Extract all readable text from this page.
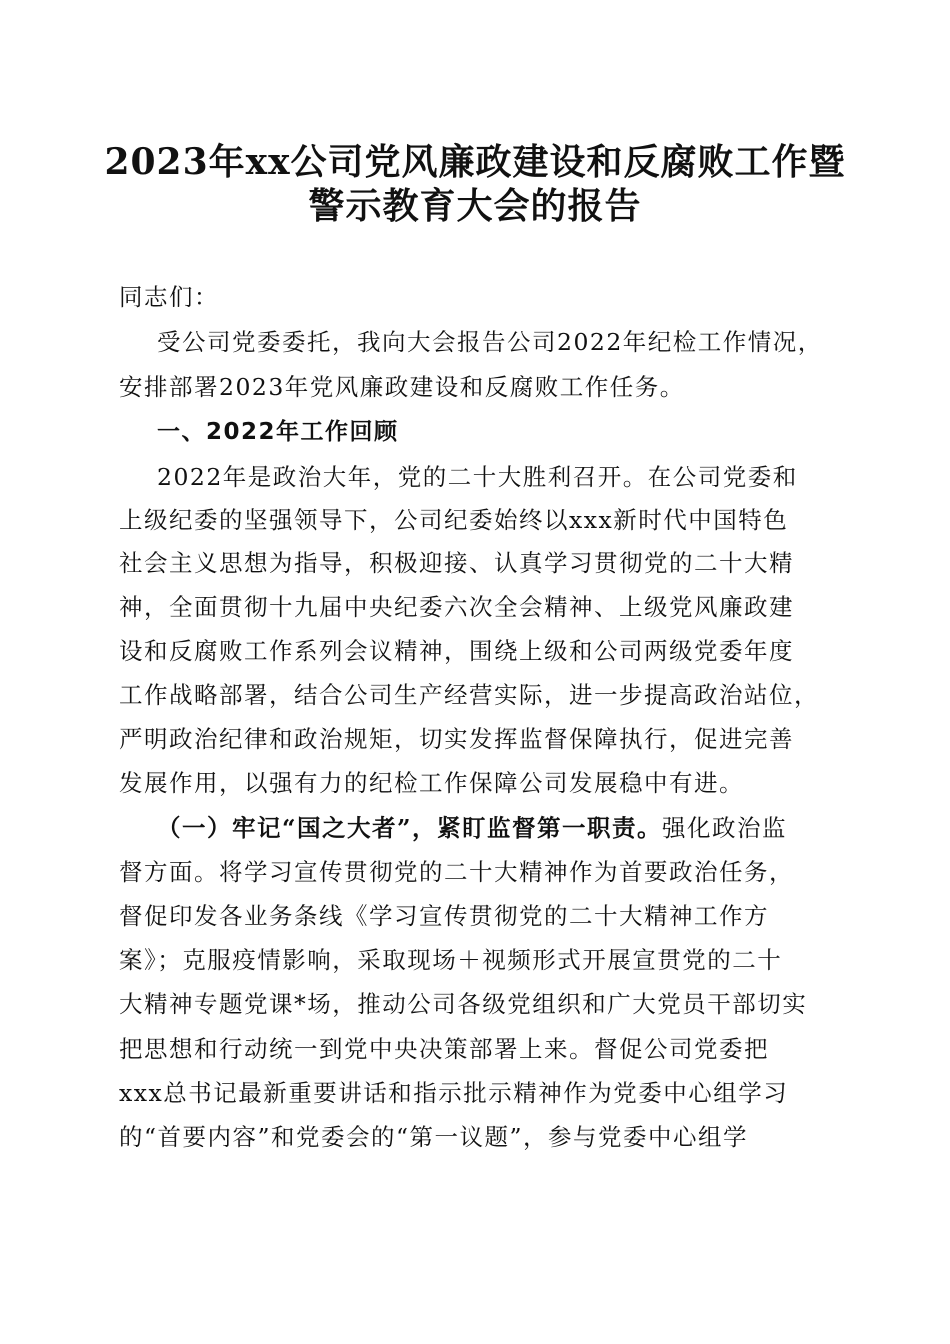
2023年xx公司党风廉政建设和反腐败工作暨
警示教育大会的报告

同志们：

受公司党委委托，我向大会报告公司2022年纪检工作情况，

安排部署2023年党风廉政建设和反腐败工作任务。

一、2022年工作回顾

2022年是政治大年，党的二十大胜利召开。在公司党委和

上级纪委的坚强领导下，公司纪委始终以xxx新时代中国特色

社会主义思想为指导，积极迎接、认真学习贯彻党的二十大精

神，全面贯彻十九届中央纪委六次全会精神、上级党风廉政建

设和反腐败工作系列会议精神，围绕上级和公司两级党委年度

工作战略部署，结合公司生产经营实际，进一步提高政治站位，

严明政治纪律和政治规矩，切实发挥监督保障执行，促进完善

发展作用，以强有力的纪检工作保障公司发展稳中有进。

（一）牢记“国之大者”，紧盯监督第一职责。强化政治监

督方面。将学习宣传贯彻党的二十大精神作为首要政治任务，

督促印发各业务条线《学习宣传贯彻党的二十大精神工作方

案》；克服疫情影响，采取现场＋视频形式开展宣贯党的二十

大精神专题党课*场，推动公司各级党组织和广大党员干部切实

把思想和行动统一到党中央决策部署上来。督促公司党委把

xxx总书记最新重要讲话和指示批示精神作为党委中心组学习

的“首要内容”和党委会的“第一议题”，参与党委中心组学
